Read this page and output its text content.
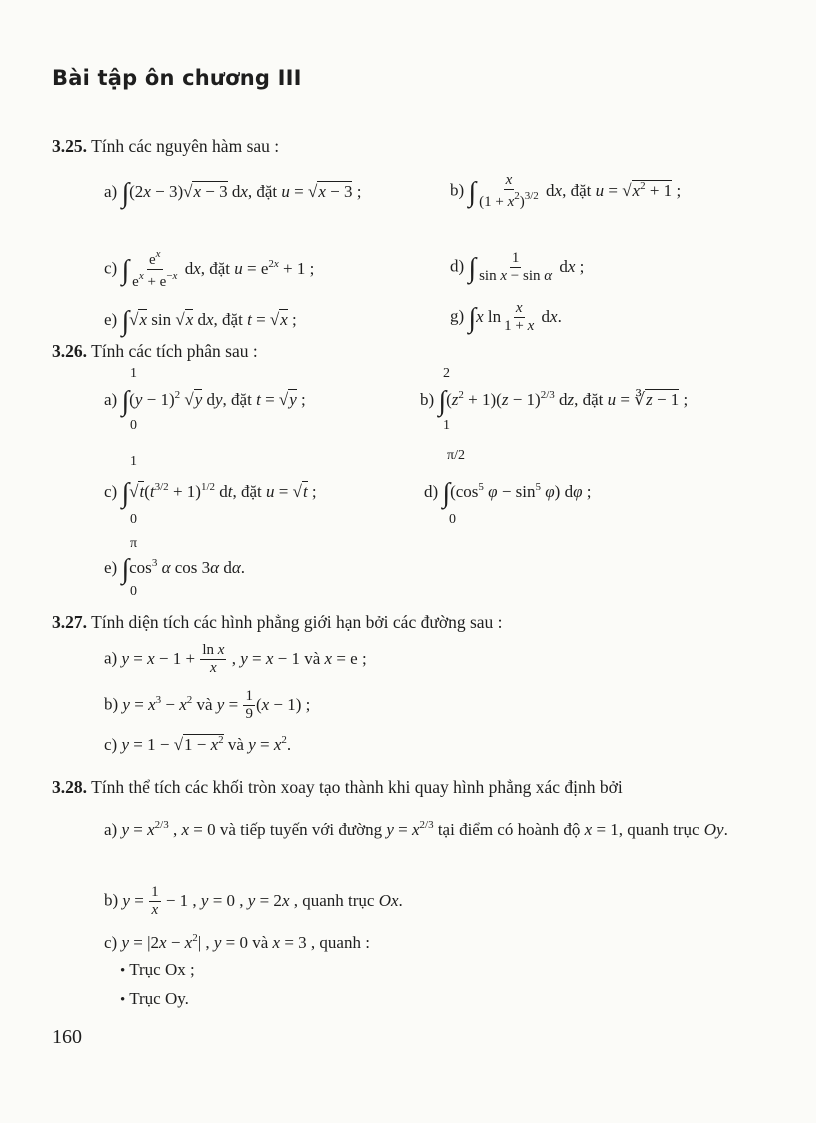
Bài tập ôn chương III
3.25. Tính các nguyên hàm sau :
a) ∫(2x − 3)√x − 3 dx, đặt u = √x − 3 ;	b) ∫ $\frac{x}{(1 + x^2)^{3/2}}$ dx, đặt $u = √x^2 + 1$ ;
c) ∫ $\frac{e^x}{e^x + e^{-x}}$ dx, đặt $u = e^{2x} + 1$ ;	d) ∫ $\frac{1}{\text{sin x − sin α}}$ dx ;
e) ∫√x sin √x dx, đặt t = √x ;	g) ∫x $\ln \frac{x}{1 + x}$ dx.
3.26. Tính các tích phân sau :
1
0
a) $\int(y - 1)^2$ √y dy, đặt t = √y ;
2
1
b) $\int(z^2 + 1)(z - 1)^{2/3}$ dz, đặt u = ∛z − 1 ;
1
0
c) $\int√t(t^{3/2} + 1)^{1/2}$ dt, đặt u = √t ;
π/2
0
d) $\int(\cos^5$ $\varphi - \sin^5 \varphi$) dφ ;
π
0
e) $\int\cos^3$ α cos 3α dα.
3.27. Tính diện tích các hình phẳng giới hạn bởi các đường sau :
a) $y = x - 1 + \frac{\text{ln x}}{x}$ , y = x − 1 và x = e ;
b) $y = x^3 - x^2$ và $y = \frac{1}{9} (x - 1)$ ;
c) $y = 1 - √1 - x^2$ và $y = x^2$.
3.28. Tính thể tích các khối tròn xoay tạo thành khi quay hình phẳng xác định bởi
a) $y = x^{2/3}$ , x = 0 và tiếp tuyến với đường $y = x^{2/3}$ tại điểm có hoành độ x = 1, quanh trục Oy.
b) $y = \frac{1}{x} - 1$ , y = 0 , y = 2x , quanh trục Ox.
c) $y = |2x - x^2|$ , y = 0 và x = 3 , quanh :
• Trục Ox ;
• Trục Oy.
160
